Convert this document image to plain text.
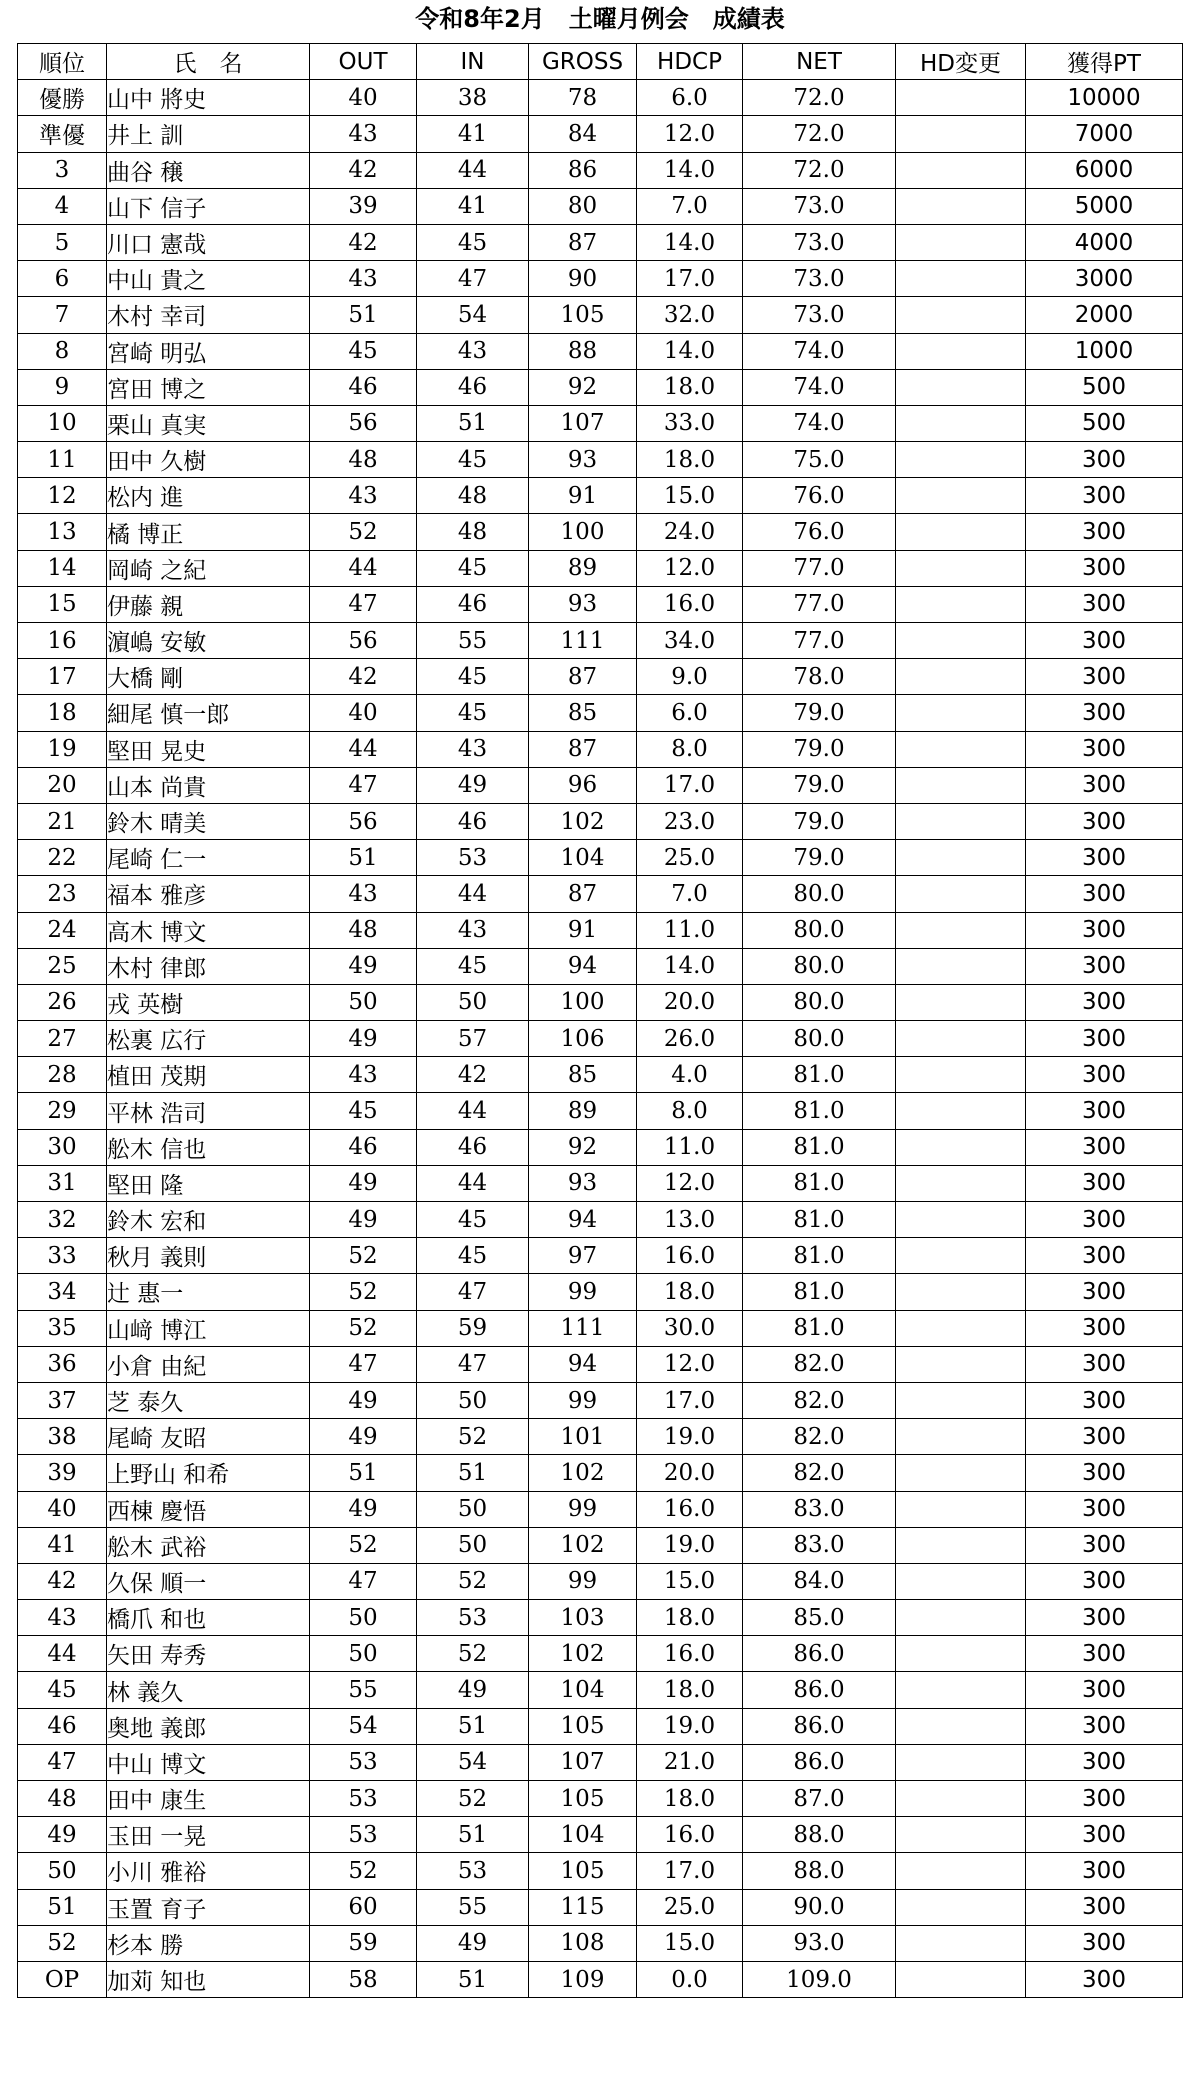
令和8年2月　土曜月例会　成績表
順位	氏　名	OUT	IN	GROSS	HDCP	NET	HD変更	獲得PT
優勝	山中 將史	40	38	78	6.0	72.0		10000
準優	井上 訓	43	41	84	12.0	72.0		7000
3	曲谷 穣	42	44	86	14.0	72.0		6000
4	山下 信子	39	41	80	7.0	73.0		5000
5	川口 憲哉	42	45	87	14.0	73.0		4000
6	中山 貴之	43	47	90	17.0	73.0		3000
7	木村 幸司	51	54	105	32.0	73.0		2000
8	宮崎 明弘	45	43	88	14.0	74.0		1000
9	宮田 博之	46	46	92	18.0	74.0		500
10	栗山 真実	56	51	107	33.0	74.0		500
11	田中 久樹	48	45	93	18.0	75.0		300
12	松内 進	43	48	91	15.0	76.0		300
13	橘 博正	52	48	100	24.0	76.0		300
14	岡崎 之紀	44	45	89	12.0	77.0		300
15	伊藤 親	47	46	93	16.0	77.0		300
16	濵嶋 安敏	56	55	111	34.0	77.0		300
17	大橋 剛	42	45	87	9.0	78.0		300
18	細尾 慎一郎	40	45	85	6.0	79.0		300
19	堅田 晃史	44	43	87	8.0	79.0		300
20	山本 尚貴	47	49	96	17.0	79.0		300
21	鈴木 晴美	56	46	102	23.0	79.0		300
22	尾崎 仁一	51	53	104	25.0	79.0		300
23	福本 雅彦	43	44	87	7.0	80.0		300
24	高木 博文	48	43	91	11.0	80.0		300
25	木村 律郎	49	45	94	14.0	80.0		300
26	戎 英樹	50	50	100	20.0	80.0		300
27	松裏 広行	49	57	106	26.0	80.0		300
28	植田 茂期	43	42	85	4.0	81.0		300
29	平林 浩司	45	44	89	8.0	81.0		300
30	舩木 信也	46	46	92	11.0	81.0		300
31	堅田 隆	49	44	93	12.0	81.0		300
32	鈴木 宏和	49	45	94	13.0	81.0		300
33	秋月 義則	52	45	97	16.0	81.0		300
34	辻 惠一	52	47	99	18.0	81.0		300
35	山﨑 博江	52	59	111	30.0	81.0		300
36	小倉 由紀	47	47	94	12.0	82.0		300
37	芝 泰久	49	50	99	17.0	82.0		300
38	尾崎 友昭	49	52	101	19.0	82.0		300
39	上野山 和希	51	51	102	20.0	82.0		300
40	西棟 慶悟	49	50	99	16.0	83.0		300
41	舩木 武裕	52	50	102	19.0	83.0		300
42	久保 順一	47	52	99	15.0	84.0		300
43	橋爪 和也	50	53	103	18.0	85.0		300
44	矢田 寿秀	50	52	102	16.0	86.0		300
45	林 義久	55	49	104	18.0	86.0		300
46	奥地 義郎	54	51	105	19.0	86.0		300
47	中山 博文	53	54	107	21.0	86.0		300
48	田中 康生	53	52	105	18.0	87.0		300
49	玉田 一晃	53	51	104	16.0	88.0		300
50	小川 雅裕	52	53	105	17.0	88.0		300
51	玉置 育子	60	55	115	25.0	90.0		300
52	杉本 勝	59	49	108	15.0	93.0		300
OP	加苅 知也	58	51	109	0.0	109.0		300
